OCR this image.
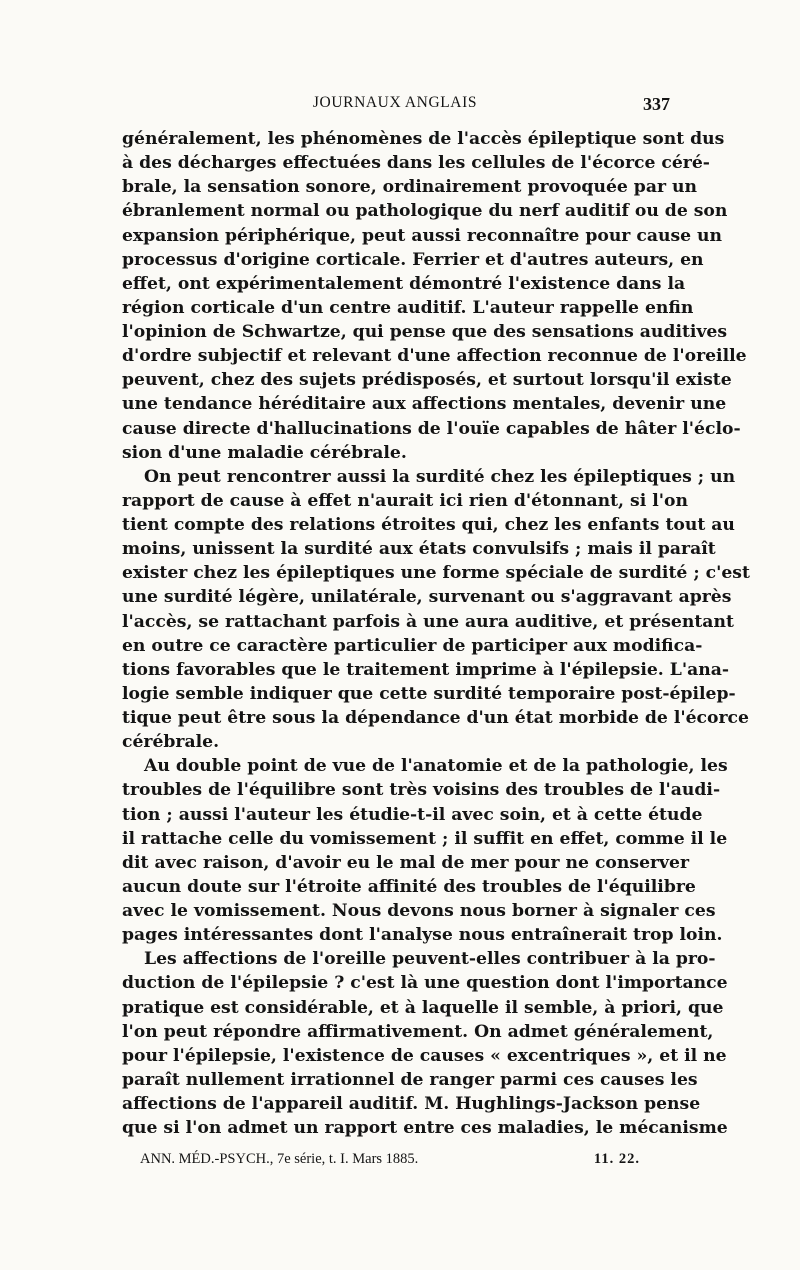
JOURNAUX ANGLAIS	337
généralement, les phénomènes de l'accès épileptique sont dus
à des décharges effectuées dans les cellules de l'écorce céré-
brale, la sensation sonore, ordinairement provoquée par un
ébranlement normal ou pathologique du nerf auditif ou de son
expansion périphérique, peut aussi reconnaître pour cause un
processus d'origine corticale. Ferrier et d'autres auteurs, en
effet, ont expérimentalement démontré l'existence dans la
région corticale d'un centre auditif. L'auteur rappelle enfin
l'opinion de Schwartze, qui pense que des sensations auditives
d'ordre subjectif et relevant d'une affection reconnue de l'oreille
peuvent, chez des sujets prédisposés, et surtout lorsqu'il existe
une tendance héréditaire aux affections mentales, devenir une
cause directe d'hallucinations de l'ouïe capables de hâter l'éclo-
sion d'une maladie cérébrale.
On peut rencontrer aussi la surdité chez les épileptiques ; un
rapport de cause à effet n'aurait ici rien d'étonnant, si l'on
tient compte des relations étroites qui, chez les enfants tout au
moins, unissent la surdité aux états convulsifs ; mais il paraît
exister chez les épileptiques une forme spéciale de surdité ; c'est
une surdité légère, unilatérale, survenant ou s'aggravant après
l'accès, se rattachant parfois à une aura auditive, et présentant
en outre ce caractère particulier de participer aux modifica-
tions favorables que le traitement imprime à l'épilepsie. L'ana-
logie semble indiquer que cette surdité temporaire post-épilep-
tique peut être sous la dépendance d'un état morbide de l'écorce
cérébrale.
Au double point de vue de l'anatomie et de la pathologie, les
troubles de l'équilibre sont très voisins des troubles de l'audi-
tion ; aussi l'auteur les étudie-t-il avec soin, et à cette étude
il rattache celle du vomissement ; il suffit en effet, comme il le
dit avec raison, d'avoir eu le mal de mer pour ne conserver
aucun doute sur l'étroite affinité des troubles de l'équilibre
avec le vomissement. Nous devons nous borner à signaler ces
pages intéressantes dont l'analyse nous entraînerait trop loin.
Les affections de l'oreille peuvent-elles contribuer à la pro-
duction de l'épilepsie ? c'est là une question dont l'importance
pratique est considérable, et à laquelle il semble, à priori, que
l'on peut répondre affirmativement. On admet généralement,
pour l'épilepsie, l'existence de causes « excentriques », et il ne
paraît nullement irrationnel de ranger parmi ces causes les
affections de l'appareil auditif. M. Hughlings-Jackson pense
que si l'on admet un rapport entre ces maladies, le mécanisme
ANN. MÉD.-PSYCH., 7e série, t. I. Mars 1885.	11. 22.
